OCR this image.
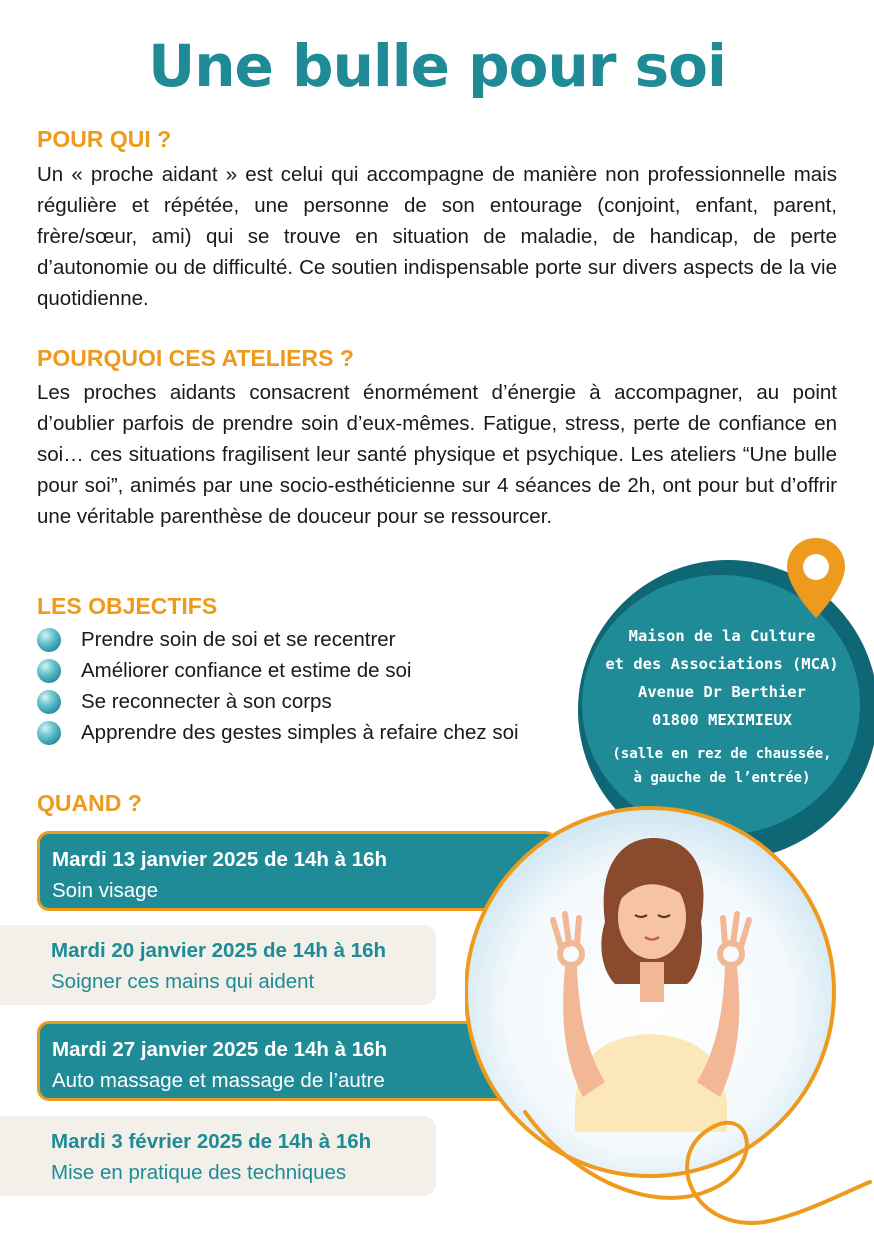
Une bulle pour soi
POUR QUI ?

Un « proche aidant » est celui qui accompagne de manière non professionnelle mais régulière et répétée, une personne de son entourage (conjoint, enfant, parent, frère/sœur, ami) qui se trouve en situation de maladie, de handicap, de perte d’autonomie ou de difficulté. Ce soutien indispensable porte sur divers aspects de la vie quotidienne.

POURQUOI CES ATELIERS ?

Les proches aidants consacrent énormément d’énergie à accompagner, au point d’oublier parfois de prendre soin d’eux-mêmes. Fatigue, stress, perte de confiance en soi… ces situations fragilisent leur santé physique et psychique. Les ateliers “Une bulle pour soi”, animés par une socio-esthéticienne sur 4 séances de 2h, ont pour but d’offrir une véritable parenthèse de douceur pour se ressourcer.

LES OBJECTIFS
Prendre soin de soi et se recentrer
Améliorer confiance et estime de soi
Se reconnecter à son corps
Apprendre des gestes simples à refaire chez soi
Maison de la Culture
et des Associations (MCA)
Avenue Dr Berthier
01800 MEXIMIEUX
(salle en rez de chaussée,
à gauche de l’entrée)
QUAND ?
Mardi 13 janvier 2025 de 14h à 16h
Soin visage
Mardi 20 janvier 2025 de 14h à 16h
Soigner ces mains qui aident
Mardi 27 janvier 2025 de 14h à 16h
Auto massage et massage de l’autre
Mardi 3 février 2025 de 14h à 16h
Mise en pratique des techniques
